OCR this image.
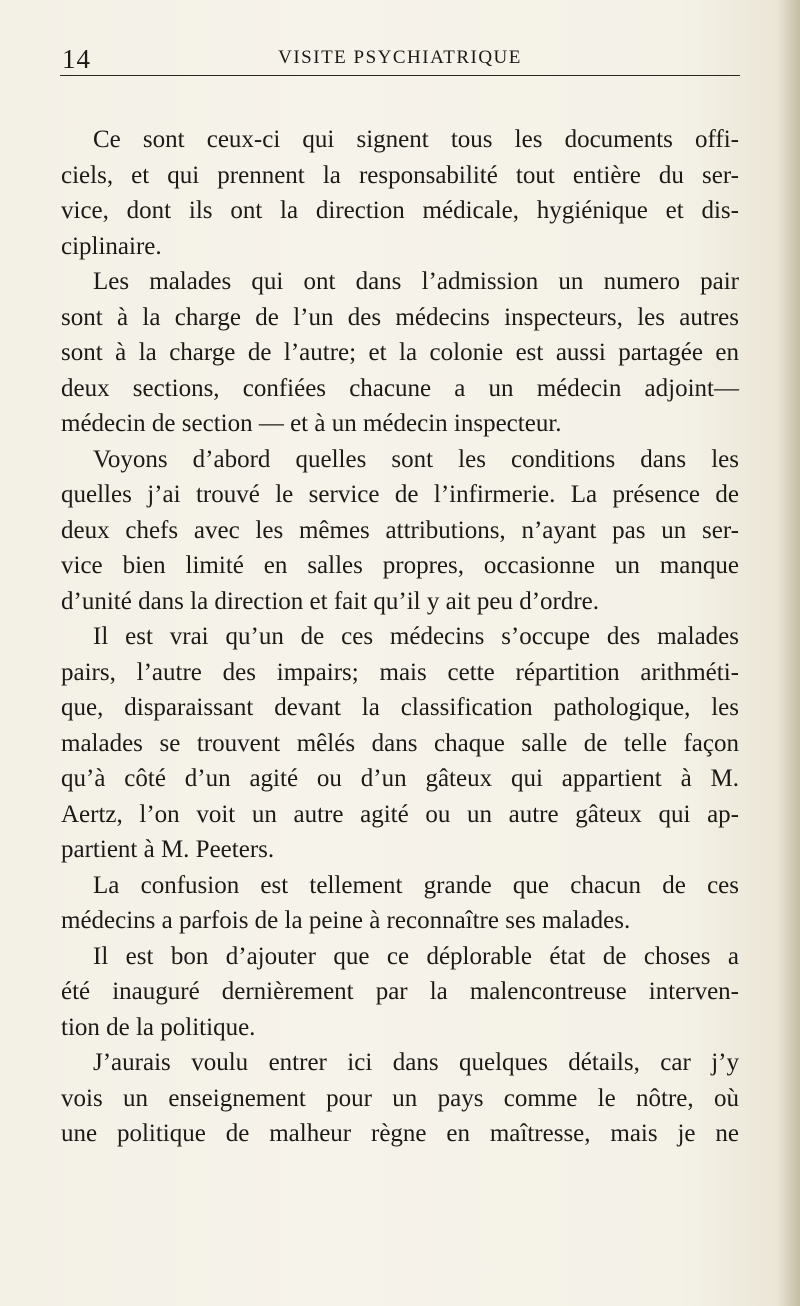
14	VISITE PSYCHIATRIQUE
Ce sont ceux-ci qui signent tous les documents offi-
ciels, et qui prennent la responsabilité tout entière du ser-
vice, dont ils ont la direction médicale, hygiénique et dis-
ciplinaire.
Les malades qui ont dans l’admission un numero pair
sont à la charge de l’un des médecins inspecteurs, les autres
sont à la charge de l’autre; et la colonie est aussi partagée en
deux sections, confiées chacune a un médecin adjoint—
médecin de section — et à un médecin inspecteur.
Voyons d’abord quelles sont les conditions dans les
quelles j’ai trouvé le service de l’infirmerie. La présence de
deux chefs avec les mêmes attributions, n’ayant pas un ser-
vice bien limité en salles propres, occasionne un manque
d’unité dans la direction et fait qu’il y ait peu d’ordre.
Il est vrai qu’un de ces médecins s’occupe des malades
pairs, l’autre des impairs; mais cette répartition arithméti-
que, disparaissant devant la classification pathologique, les
malades se trouvent mêlés dans chaque salle de telle façon
qu’à côté d’un agité ou d’un gâteux qui appartient à M.
Aertz, l’on voit un autre agité ou un autre gâteux qui ap-
partient à M. Peeters.
La confusion est tellement grande que chacun de ces
médecins a parfois de la peine à reconnaître ses malades.
Il est bon d’ajouter que ce déplorable état de choses a
été inauguré dernièrement par la malencontreuse interven-
tion de la politique.
J’aurais voulu entrer ici dans quelques détails, car j’y
vois un enseignement pour un pays comme le nôtre, où
une politique de malheur règne en maîtresse, mais je ne
